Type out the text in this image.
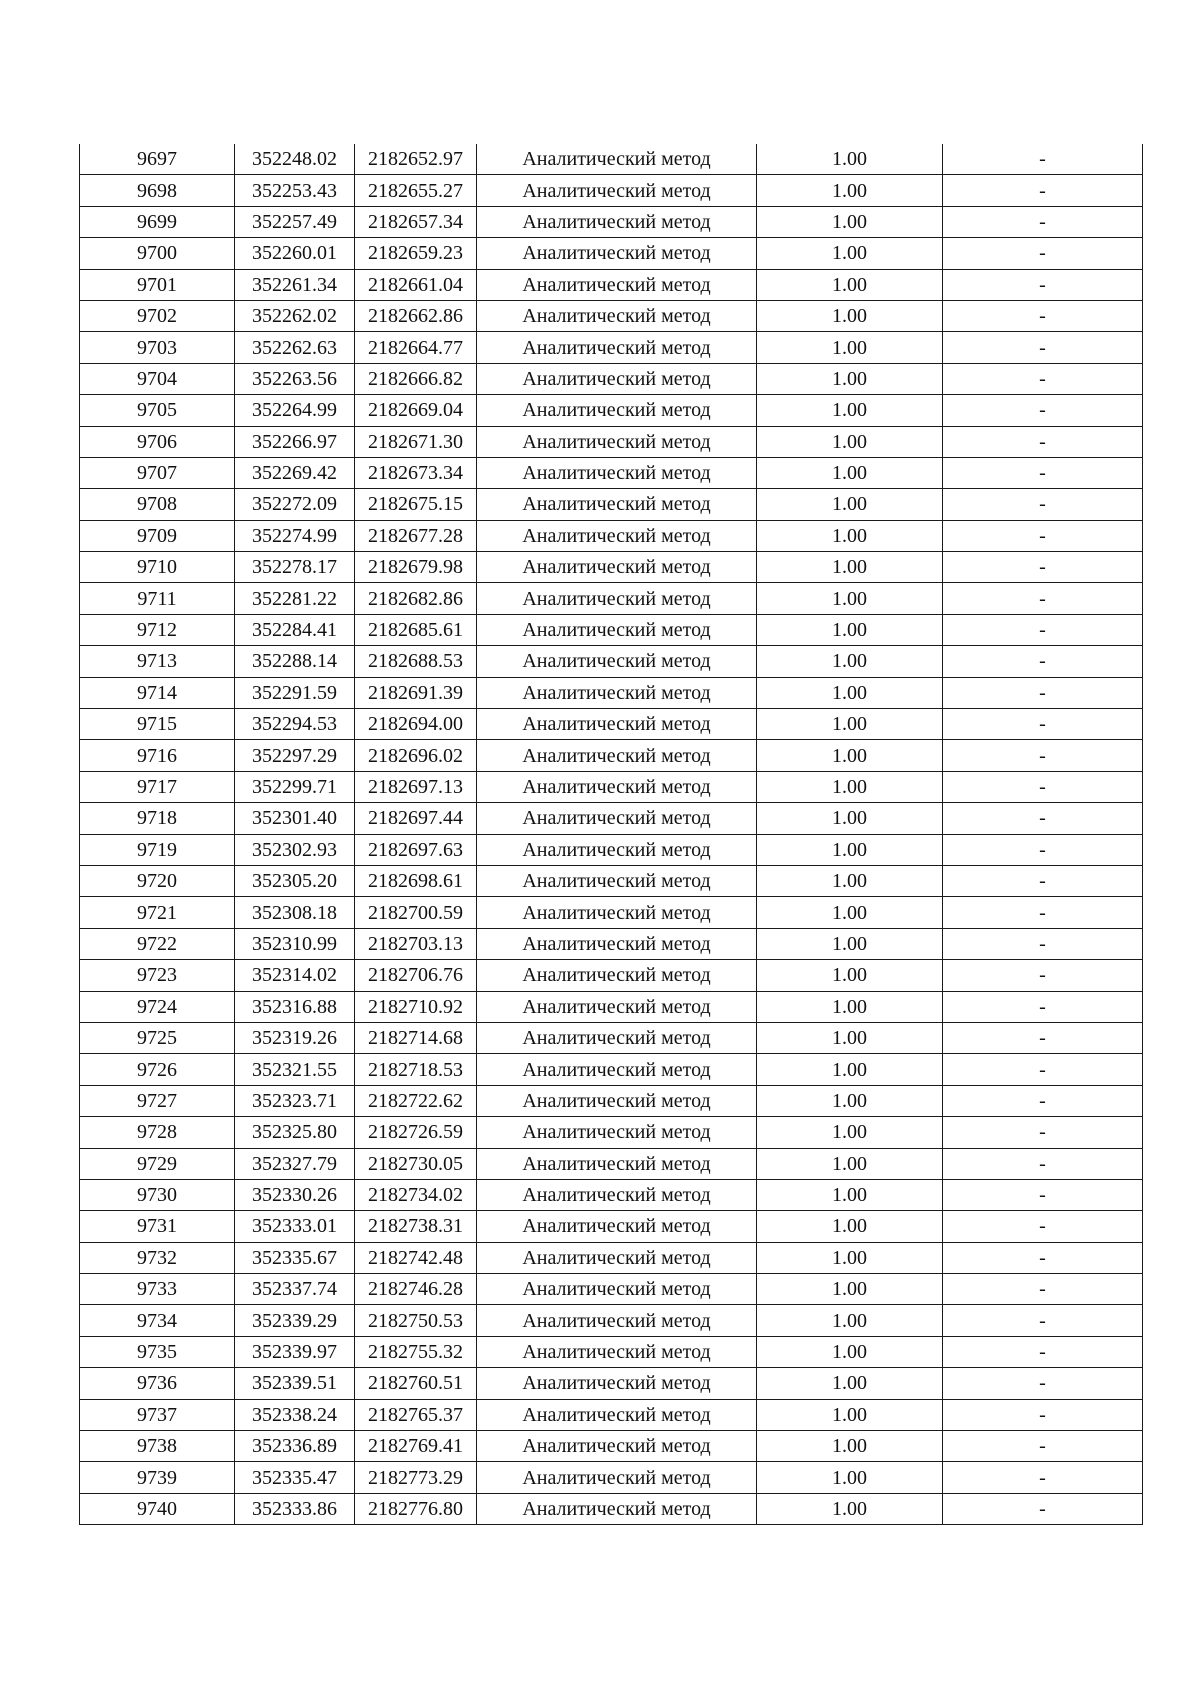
9697	352248.02	2182652.97	Аналитический метод	1.00	-
9698	352253.43	2182655.27	Аналитический метод	1.00	-
9699	352257.49	2182657.34	Аналитический метод	1.00	-
9700	352260.01	2182659.23	Аналитический метод	1.00	-
9701	352261.34	2182661.04	Аналитический метод	1.00	-
9702	352262.02	2182662.86	Аналитический метод	1.00	-
9703	352262.63	2182664.77	Аналитический метод	1.00	-
9704	352263.56	2182666.82	Аналитический метод	1.00	-
9705	352264.99	2182669.04	Аналитический метод	1.00	-
9706	352266.97	2182671.30	Аналитический метод	1.00	-
9707	352269.42	2182673.34	Аналитический метод	1.00	-
9708	352272.09	2182675.15	Аналитический метод	1.00	-
9709	352274.99	2182677.28	Аналитический метод	1.00	-
9710	352278.17	2182679.98	Аналитический метод	1.00	-
9711	352281.22	2182682.86	Аналитический метод	1.00	-
9712	352284.41	2182685.61	Аналитический метод	1.00	-
9713	352288.14	2182688.53	Аналитический метод	1.00	-
9714	352291.59	2182691.39	Аналитический метод	1.00	-
9715	352294.53	2182694.00	Аналитический метод	1.00	-
9716	352297.29	2182696.02	Аналитический метод	1.00	-
9717	352299.71	2182697.13	Аналитический метод	1.00	-
9718	352301.40	2182697.44	Аналитический метод	1.00	-
9719	352302.93	2182697.63	Аналитический метод	1.00	-
9720	352305.20	2182698.61	Аналитический метод	1.00	-
9721	352308.18	2182700.59	Аналитический метод	1.00	-
9722	352310.99	2182703.13	Аналитический метод	1.00	-
9723	352314.02	2182706.76	Аналитический метод	1.00	-
9724	352316.88	2182710.92	Аналитический метод	1.00	-
9725	352319.26	2182714.68	Аналитический метод	1.00	-
9726	352321.55	2182718.53	Аналитический метод	1.00	-
9727	352323.71	2182722.62	Аналитический метод	1.00	-
9728	352325.80	2182726.59	Аналитический метод	1.00	-
9729	352327.79	2182730.05	Аналитический метод	1.00	-
9730	352330.26	2182734.02	Аналитический метод	1.00	-
9731	352333.01	2182738.31	Аналитический метод	1.00	-
9732	352335.67	2182742.48	Аналитический метод	1.00	-
9733	352337.74	2182746.28	Аналитический метод	1.00	-
9734	352339.29	2182750.53	Аналитический метод	1.00	-
9735	352339.97	2182755.32	Аналитический метод	1.00	-
9736	352339.51	2182760.51	Аналитический метод	1.00	-
9737	352338.24	2182765.37	Аналитический метод	1.00	-
9738	352336.89	2182769.41	Аналитический метод	1.00	-
9739	352335.47	2182773.29	Аналитический метод	1.00	-
9740	352333.86	2182776.80	Аналитический метод	1.00	-
